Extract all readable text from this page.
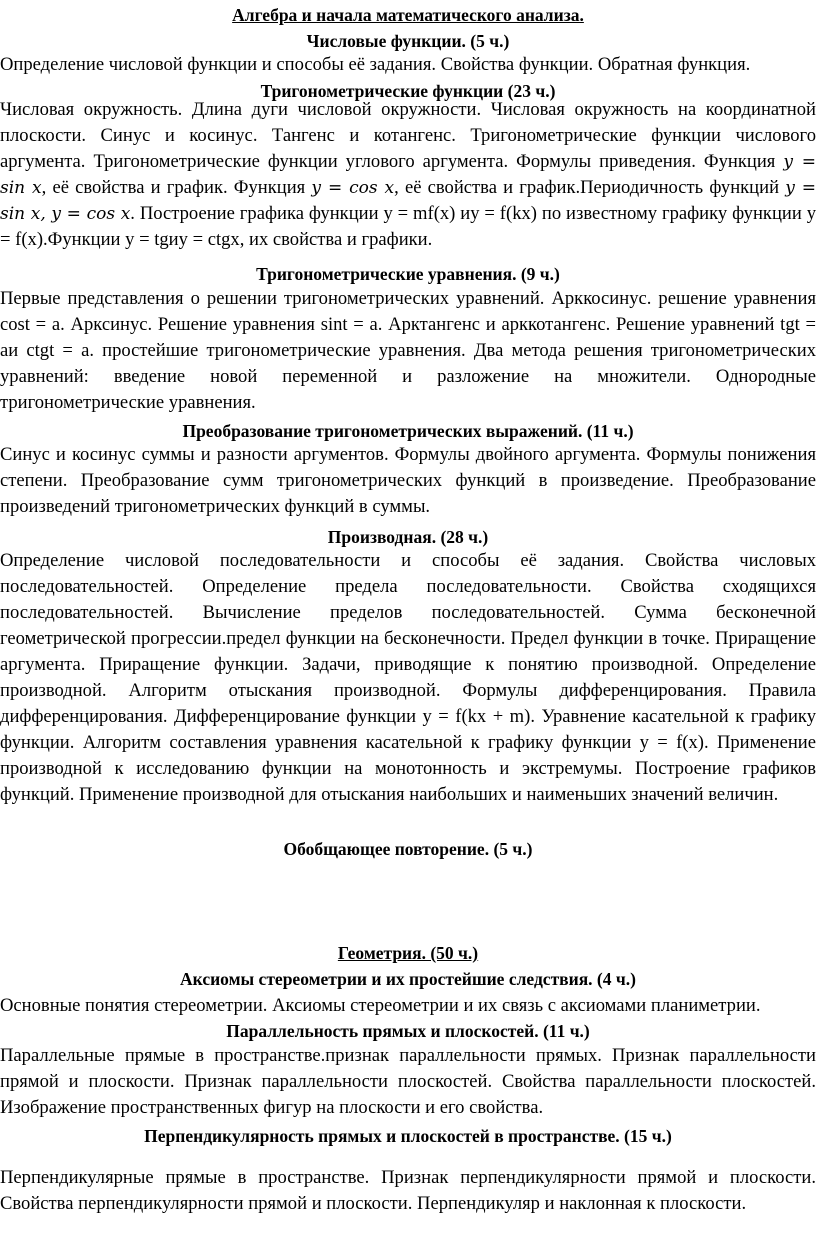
Алгебра и начала математического анализа.
Числовые функции. (5 ч.)

Определение числовой функции и способы её задания. Свойства функции. Обратная функция.

Тригонометрические функции (23 ч.)

Числовая окружность. Длина дуги числовой окружности. Числовая окружность на координатной плоскости. Синус и косинус. Тангенс и котангенс. Тригонометрические функции числового аргумента. Тригонометрические функции углового аргумента. Формулы приведения. Функция y = sin x, её свойства и график. Функция y = cos x, её свойства и график.Периодичность функций y = sin x, y = cos x. Построение графика функции y = mf(x) иy = f(kx) по известному графику функции y = f(x).Функции y = tgиy = ctgx, их свойства и графики.

Тригонометрические уравнения. (9 ч.)

Первые представления о решении тригонометрических уравнений. Арккосинус. решение уравнения cost = a. Арксинус. Решение уравнения sint = a. Арктангенс и арккотангенс. Решение уравнений tgt = aи ctgt = a. простейшие тригонометрические уравнения. Два метода решения тригонометрических уравнений: введение новой переменной и разложение на множители. Однородные тригонометрические уравнения.

Преобразование тригонометрических выражений. (11 ч.)

Синус и косинус суммы и разности аргументов. Формулы двойного аргумента. Формулы понижения степени. Преобразование сумм тригонометрических функций в произведение. Преобразование произведений тригонометрических функций в суммы.

Производная. (28 ч.)

Определение числовой последовательности и способы её задания. Свойства числовых последовательностей. Определение предела последовательности. Свойства сходящихся последовательностей. Вычисление пределов последовательностей. Сумма бесконечной геометрической прогрессии.предел функции на бесконечности. Предел функции в точке. Приращение аргумента. Приращение функции. Задачи, приводящие к понятию производной. Определение производной. Алгоритм отыскания производной. Формулы дифференцирования. Правила дифференцирования. Дифференцирование функции y = f(kx + m). Уравнение касательной к графику функции. Алгоритм составления уравнения касательной к графику функции y = f(x). Применение производной к исследованию функции на монотонность и экстремумы. Построение графиков функций. Применение производной для отыскания наибольших и наименьших значений величин.

Обобщающее повторение. (5 ч.)
Геометрия. (50 ч.)
Аксиомы стереометрии и их простейшие следствия. (4 ч.)

Основные понятия стереометрии. Аксиомы стереометрии и их связь с аксиомами планиметрии.

Параллельность прямых и плоскостей. (11 ч.)

Параллельные прямые в пространстве.признак параллельности прямых. Признак параллельности прямой и плоскости. Признак параллельности плоскостей. Свойства параллельности плоскостей. Изображение пространственных фигур на плоскости и его свойства.

Перпендикулярность прямых и плоскостей в пространстве. (15 ч.)

Перпендикулярные прямые в пространстве. Признак перпендикулярности прямой и плоскости. Свойства перпендикулярности прямой и плоскости. Перпендикуляр и наклонная к плоскости.
